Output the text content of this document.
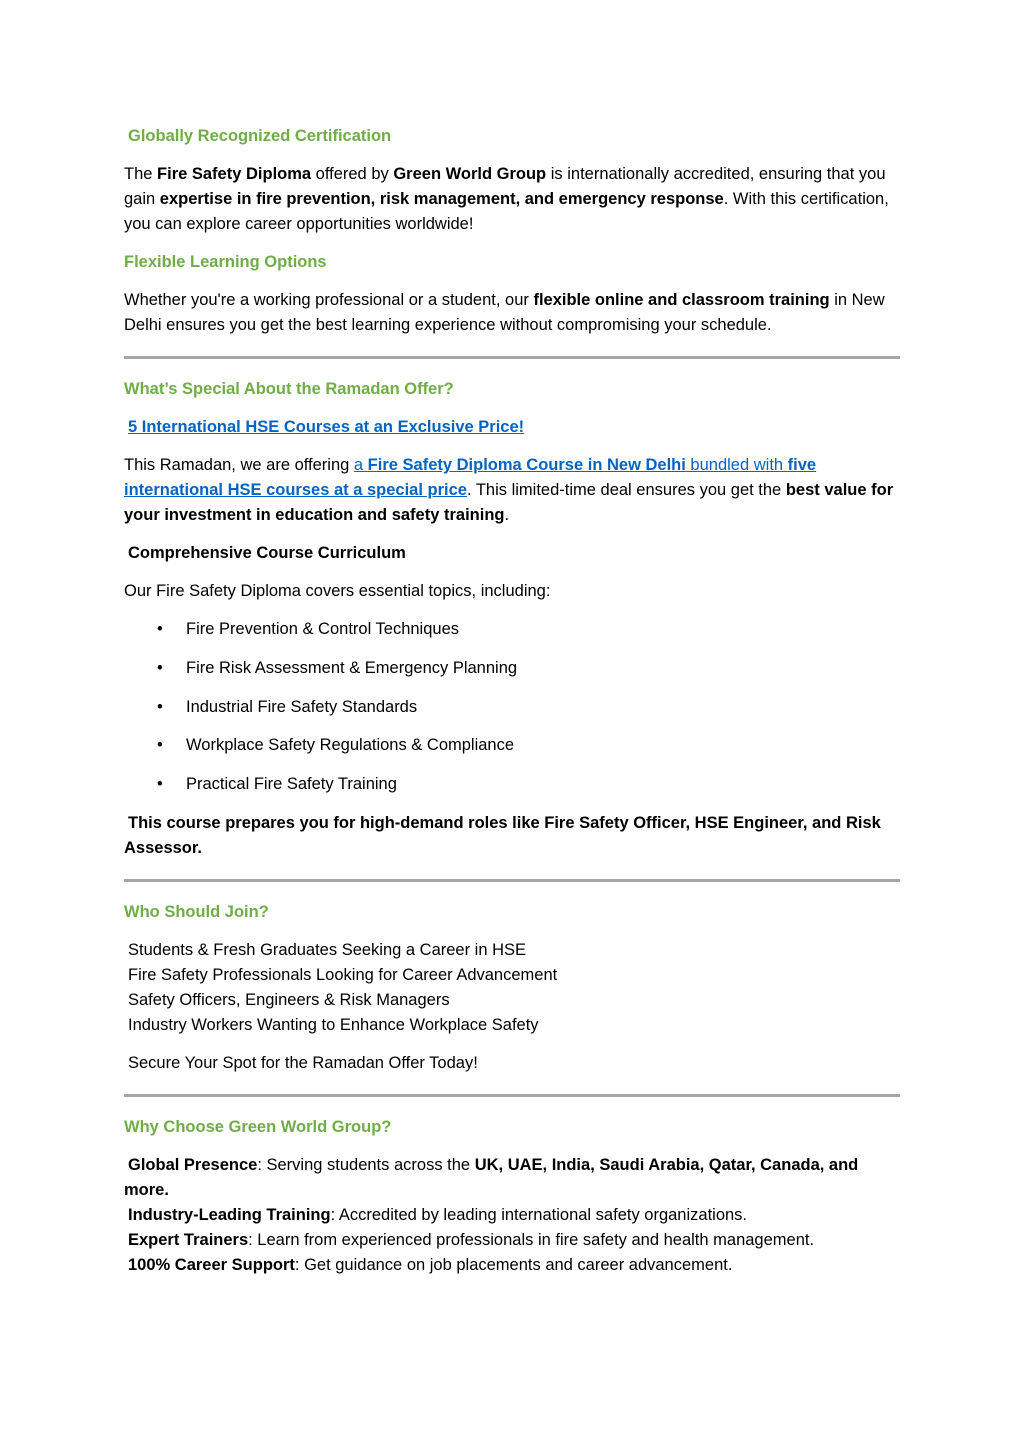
Globally Recognized Certification

The Fire Safety Diploma offered by Green World Group is internationally accredited, ensuring that you gain expertise in fire prevention, risk management, and emergency response. With this certification, you can explore career opportunities worldwide!

Flexible Learning Options

Whether you're a working professional or a student, our flexible online and classroom training in New Delhi ensures you get the best learning experience without compromising your schedule.

What’s Special About the Ramadan Offer?

5 International HSE Courses at an Exclusive Price!

This Ramadan, we are offering a Fire Safety Diploma Course in New Delhi bundled with five international HSE courses at a special price. This limited-time deal ensures you get the best value for your investment in education and safety training.

Comprehensive Course Curriculum

Our Fire Safety Diploma covers essential topics, including:

• Fire Prevention & Control Techniques
• Fire Risk Assessment & Emergency Planning
• Industrial Fire Safety Standards
• Workplace Safety Regulations & Compliance
• Practical Fire Safety Training

This course prepares you for high-demand roles like Fire Safety Officer, HSE Engineer, and Risk Assessor.

Who Should Join?
Students & Fresh Graduates Seeking a Career in HSE
Fire Safety Professionals Looking for Career Advancement
Safety Officers, Engineers & Risk Managers
Industry Workers Wanting to Enhance Workplace Safety

Secure Your Spot for the Ramadan Offer Today!

Why Choose Green World Group?
Global Presence: Serving students across the UK, UAE, India, Saudi Arabia, Qatar, Canada, and more.
Industry-Leading Training: Accredited by leading international safety organizations.
Expert Trainers: Learn from experienced professionals in fire safety and health management.
100% Career Support: Get guidance on job placements and career advancement.
